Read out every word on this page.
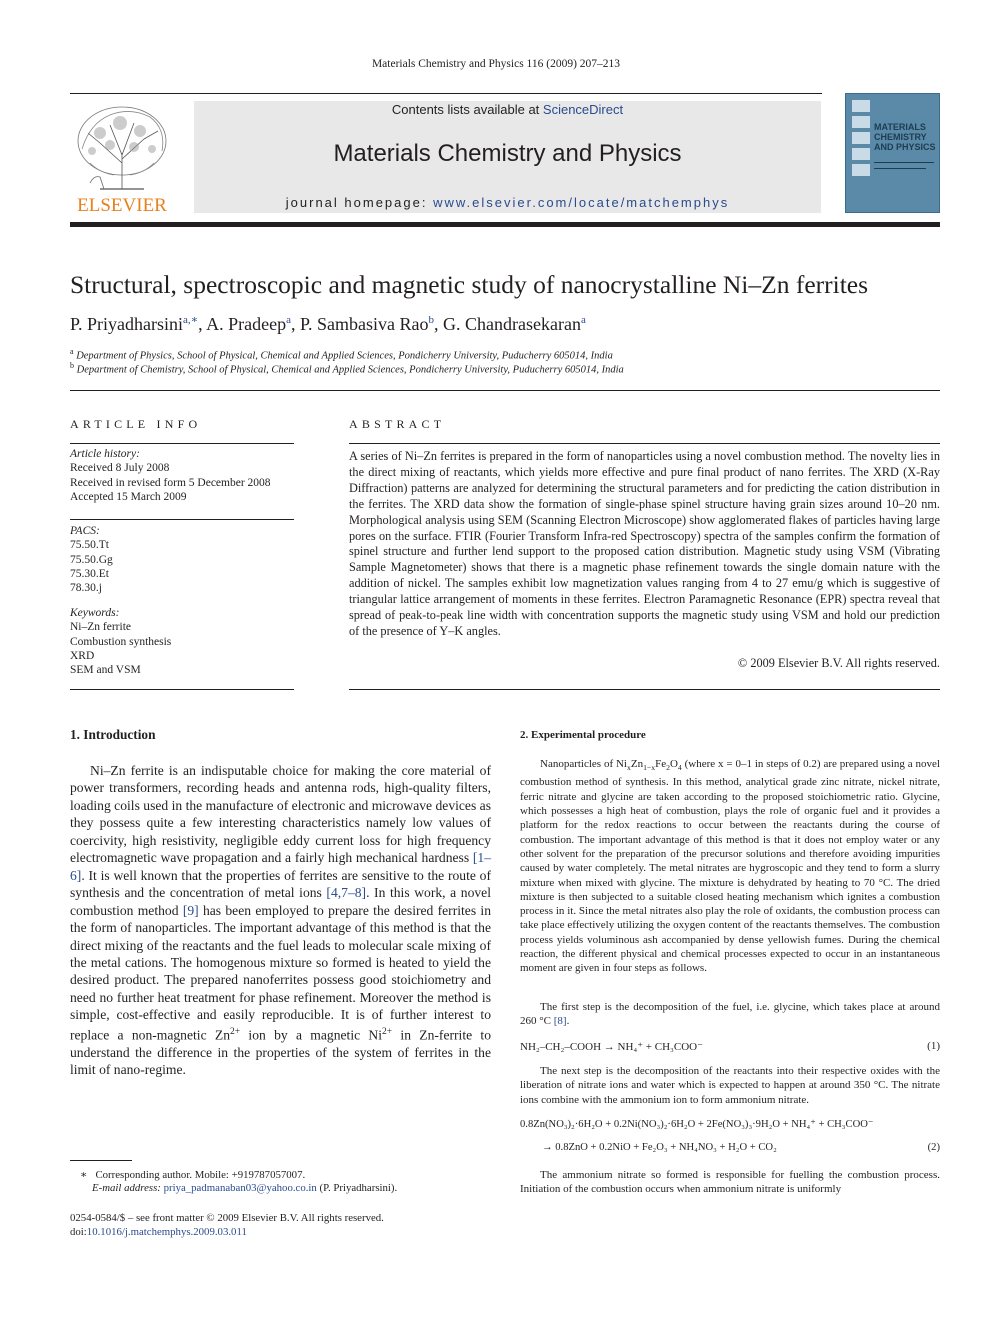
Materials Chemistry and Physics 116 (2009) 207–213
ELSEVIER
Contents lists available at ScienceDirect
Materials Chemistry and Physics
journal homepage: www.elsevier.com/locate/matchemphys
MATERIALS CHEMISTRY AND PHYSICS
Structural, spectroscopic and magnetic study of nanocrystalline Ni–Zn ferrites
P. Priyadharsini$^{a,∗}$, A. Pradeep$^a$, P. Sambasiva Rao$^b$, G. Chandrasekaran$^a$
$^a$ Department of Physics, School of Physical, Chemical and Applied Sciences, Pondicherry University, Puducherry 605014, India
$^b$ Department of Chemistry, School of Physical, Chemical and Applied Sciences, Pondicherry University, Puducherry 605014, India
ARTICLE INFO
Article history:
Received 8 July 2008
Received in revised form 5 December 2008
Accepted 15 March 2009
PACS:
75.50.Tt
75.50.Gg
75.30.Et
78.30.j
Keywords:
Ni–Zn ferrite
Combustion synthesis
XRD
SEM and VSM
ABSTRACT
A series of Ni–Zn ferrites is prepared in the form of nanoparticles using a novel combustion method. The novelty lies in the direct mixing of reactants, which yields more effective and pure final product of nano ferrites. The XRD (X-Ray Diffraction) patterns are analyzed for determining the structural parameters and for predicting the cation distribution in the ferrites. The XRD data show the formation of single-phase spinel structure having grain sizes around 10–20 nm. Morphological analysis using SEM (Scanning Electron Microscope) show agglomerated flakes of particles having large pores on the surface. FTIR (Fourier Transform Infra-red Spectroscopy) spectra of the samples confirm the formation of spinel structure and further lend support to the proposed cation distribution. Magnetic study using VSM (Vibrating Sample Magnetometer) shows that there is a magnetic phase refinement towards the single domain nature with the addition of nickel. The samples exhibit low magnetization values ranging from 4 to 27 emu/g which is suggestive of triangular lattice arrangement of moments in these ferrites. Electron Paramagnetic Resonance (EPR) spectra reveal that spread of peak-to-peak line width with concentration supports the magnetic study using VSM and hold our prediction of the presence of Y–K angles.
© 2009 Elsevier B.V. All rights reserved.
1. Introduction
Ni–Zn ferrite is an indisputable choice for making the core material of power transformers, recording heads and antenna rods, high-quality filters, loading coils used in the manufacture of electronic and microwave devices as they possess quite a few interesting characteristics namely low values of coercivity, high resistivity, negligible eddy current loss for high frequency electromagnetic wave propagation and a fairly high mechanical hardness [1–6]. It is well known that the properties of ferrites are sensitive to the route of synthesis and the concentration of metal ions [4,7–8]. In this work, a novel combustion method [9] has been employed to prepare the desired ferrites in the form of nanoparticles. The important advantage of this method is that the direct mixing of the reactants and the fuel leads to molecular scale mixing of the metal cations. The homogenous mixture so formed is heated to yield the desired product. The prepared nanoferrites possess good stoichiometry and need no further heat treatment for phase refinement. Moreover the method is simple, cost-effective and easily reproducible. It is of further interest to replace a non-magnetic $Zn^{2+}$ ion by a magnetic $Ni^{2+}$ in Zn-ferrite to understand the difference in the properties of the system of ferrites in the limit of nano-regime.
2. Experimental procedure

Nanoparticles of $Ni_xZn_{1-x}Fe_2O_4$ (where x = 0–1 in steps of 0.2) are prepared using a novel combustion method of synthesis. In this method, analytical grade zinc nitrate, nickel nitrate, ferric nitrate and glycine are taken according to the proposed stoichiometric ratio. Glycine, which possesses a high heat of combustion, plays the role of organic fuel and it provides a platform for the redox reactions to occur between the reactants during the course of combustion. The important advantage of this method is that it does not employ water or any other solvent for the preparation of the precursor solutions and therefore avoiding impurities caused by water completely. The metal nitrates are hygroscopic and they tend to form a slurry mixture when mixed with glycine. The mixture is dehydrated by heating to 70 °C. The dried mixture is then subjected to a suitable closed heating mechanism which ignites a combustion process in it. Since the metal nitrates also play the role of oxidants, the combustion process can take place effectively utilizing the oxygen content of the reactants themselves. The combustion process yields voluminous ash accompanied by dense yellowish fumes. During the chemical reaction, the different physical and chemical processes expected to occur in an instantaneous moment are given in four steps as follows.

The first step is the decomposition of the fuel, i.e. glycine, which takes place at around 260 °C [8].

NH₂–CH₂–COOH → NH₄⁺ + CH₃COO⁻	(1)

The next step is the decomposition of the reactants into their respective oxides with the liberation of nitrate ions and water which is expected to happen at around 350 °C. The nitrate ions combine with the ammonium ion to form ammonium nitrate.

0.8Zn(NO₃)₂·6H₂O + 0.2Ni(NO₃)₂·6H₂O + 2Fe(NO₃)₃·9H₂O + NH₄⁺ + CH₃COO⁻
→ 0.8ZnO + 0.2NiO + Fe₂O₃ + NH₄NO₃ + H₂O + CO₂	(2)

The ammonium nitrate so formed is responsible for fuelling the combustion process. Initiation of the combustion occurs when ammonium nitrate is uniformly

∗ Corresponding author. Mobile: +919787057007.
E-mail address: priya_padmanaban03@yahoo.co.in (P. Priyadharsini).
0254-0584/$ – see front matter © 2009 Elsevier B.V. All rights reserved.
doi:10.1016/j.matchemphys.2009.03.011
